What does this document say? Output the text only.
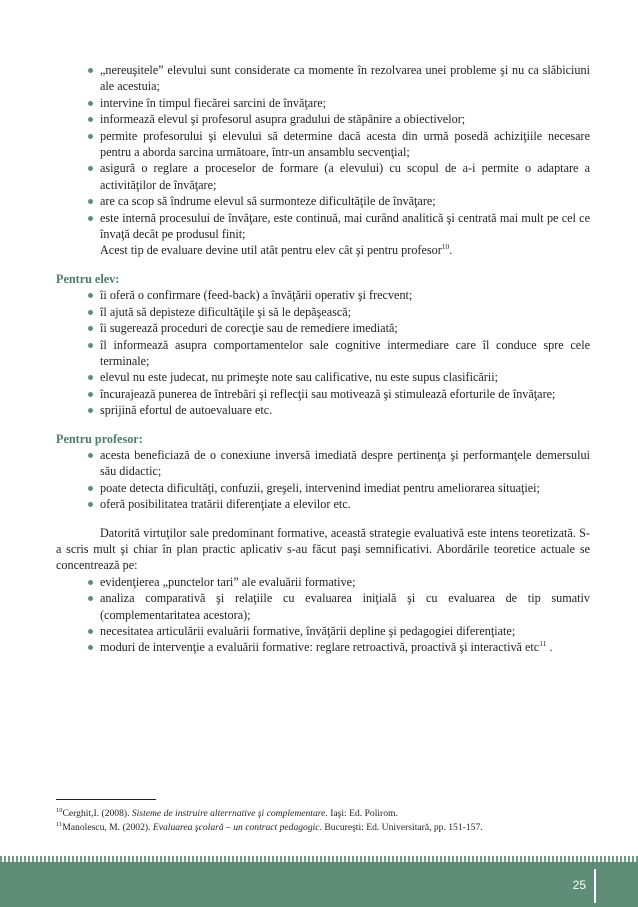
„nereuşitele” elevului sunt considerate ca momente în rezolvarea unei probleme şi nu ca slăbiciuni ale acestuia;
intervine în timpul fiecărei sarcini de învăţare;
informează elevul şi profesorul asupra gradului de stăpânire a obiectivelor;
permite profesorului şi elevului să determine dacă acesta din urmă posedă achiziţiile necesare pentru a aborda sarcina următoare, într-un ansamblu secvenţial;
asigură o reglare a proceselor de formare (a elevului) cu scopul de a-i permite o adaptare a activităţilor de învăţare;
are ca scop să îndrume elevul să surmonteze dificultăţile de învăţare;
este internă procesului de învăţare, este continuă, mai curând analitică şi centrată mai mult pe cel ce învaţă decât pe produsul finit;
Acest tip de evaluare devine util atât pentru elev cât şi pentru profesor$^{10}$.
Pentru elev:
îi oferă o confirmare (feed-back) a învăţării operativ şi frecvent;
îl ajută să depisteze dificultăţile şi să le depăşească;
îi sugerează proceduri de corecţie sau de remediere imediată;
îl informează asupra comportamentelor sale cognitive intermediare care îl conduce spre cele terminale;
elevul nu este judecat, nu primeşte note sau calificative, nu este supus clasificării;
încurajează punerea de întrebări şi reflecţii sau motivează şi stimulează eforturile de învăţare;
sprijină efortul de autoevaluare etc.
Pentru profesor:
acesta beneficiază de o conexiune inversă imediată despre pertinenţa şi performanţele demersului său didactic;
poate detecta dificultăţi, confuzii, greşeli, intervenind imediat pentru ameliorarea situaţiei;
oferă posibilitatea tratării diferenţiate a elevilor etc.
Datorită virtuţilor sale predominant formative, această strategie evaluativă este intens teoretizată. S-a scris mult şi chiar în plan practic aplicativ s-au făcut paşi semnificativi. Abordările teoretice actuale se concentrează pe:
evidenţierea „punctelor tari” ale evaluării formative;
analiza comparativă şi relaţiile cu evaluarea iniţială şi cu evaluarea de tip sumativ (complementaritatea acestora);
necesitatea articulării evaluării formative, învăţării depline şi pedagogiei diferenţiate;
moduri de intervenţie a evaluării formative: reglare retroactivă, proactivă şi interactivă etc$^{11}$ .
$^{10}$Cerghit,I. (2008). Sisteme de instruire alterrnative şi complementare. Iaşi: Ed. Polirom.
$^{11}$Manolescu, M. (2002). Evaluarea şcolară – un contract pedagogic. Bucureşti: Ed. Universitară, pp. 151-157.
25
